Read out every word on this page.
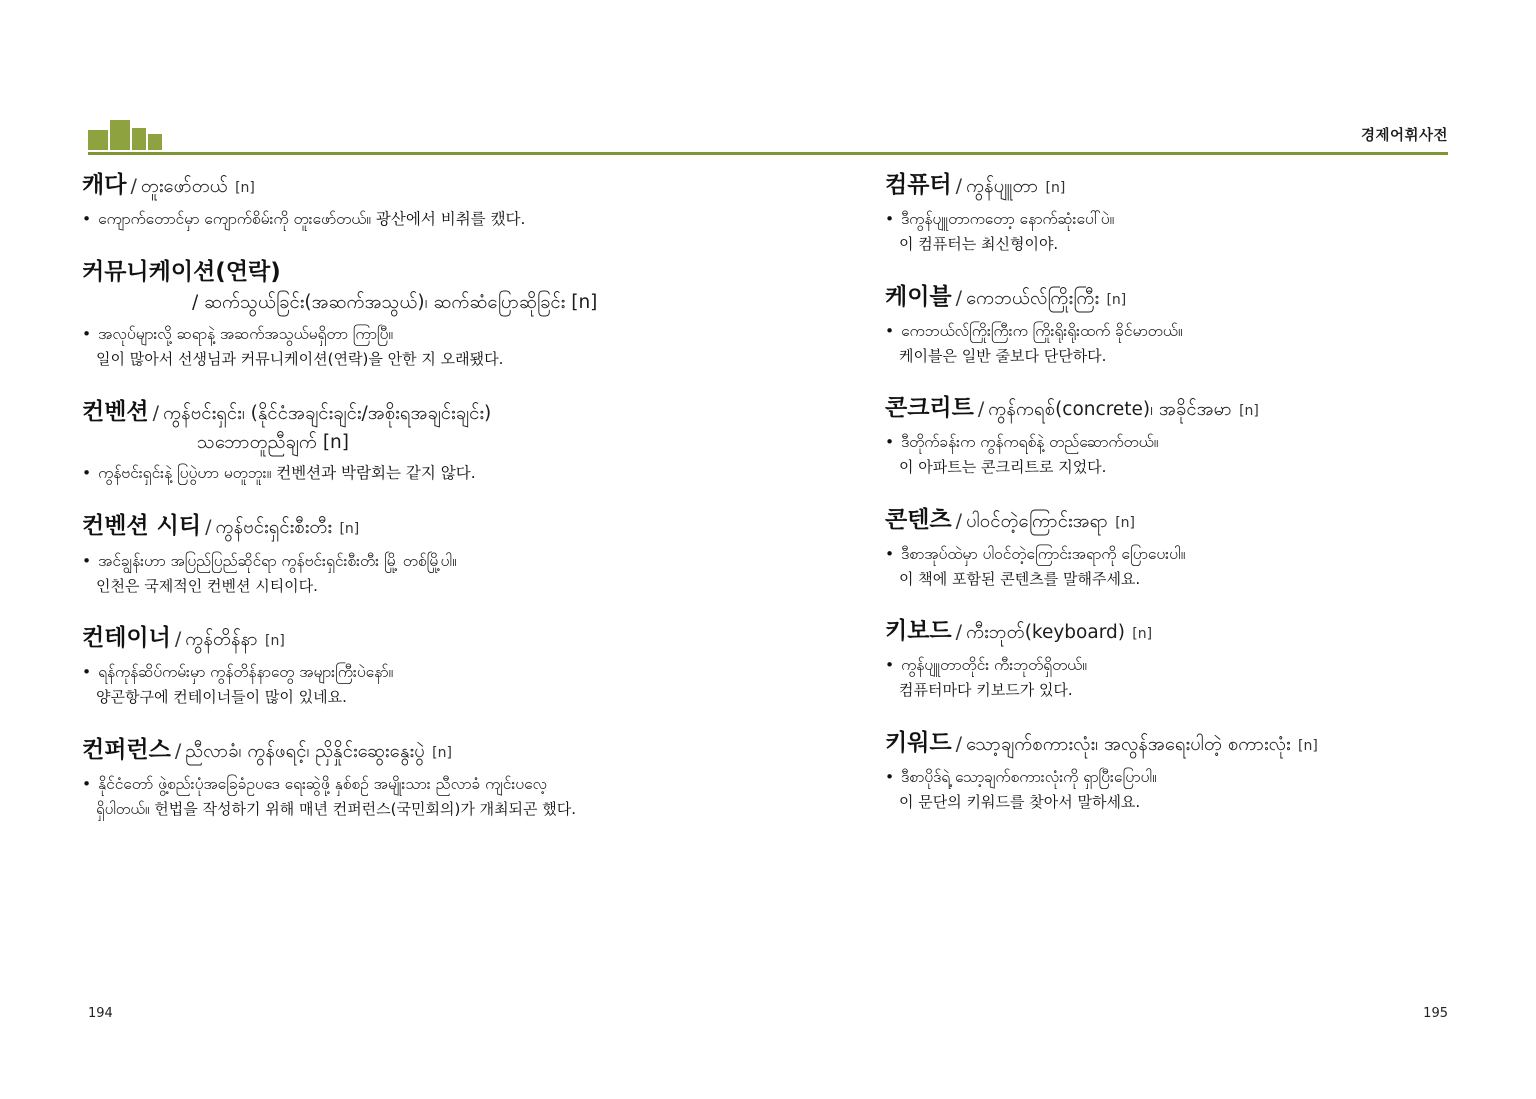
경제어휘사전
캐다 / တူးဖော်တယ် [n]
• ကျောက်တောင်မှာ ကျောက်စိမ်းကို တူးဖော်တယ်။ 광산에서 비취를 캤다.
커뮤니케이션(연락)
/ ဆက်သွယ်ခြင်း(အဆက်အသွယ်)၊ ဆက်ဆံပြောဆိုခြင်း [n]
• အလုပ်များလို့ ဆရာနဲ့ အဆက်အသွယ်မရှိတာ ကြာပြီ။
일이 많아서 선생님과 커뮤니케이션(연락)을 안한 지 오래됐다.
컨벤션 / ကွန်ဗင်းရှင်း၊ (နိုင်ငံအချင်းချင်း/အစိုးရအချင်းချင်း)
သဘောတူညီချက် [n]
• ကွန်ဗင်းရှင်းနဲ့ ပြပွဲဟာ မတူဘူး။ 컨벤션과 박람회는 같지 않다.
컨벤션 시티 / ကွန်ဗင်းရှင်းစီးတီး [n]
• အင်ချွန်းဟာ အပြည်ပြည်ဆိုင်ရာ ကွန်ဗင်းရှင်းစီးတီး မြို့ တစ်မြို့ပါ။
인천은 국제적인 컨벤션 시티이다.
컨테이너 / ကွန်တိန်နာ [n]
• ရန်ကုန်ဆိပ်ကမ်းမှာ ကွန်တိန်နာတွေ အများကြီးပဲနော်။
양곤항구에 컨테이너들이 많이 있네요.
컨퍼런스 / ညီလာခံ၊ ကွန်ဖရင့်၊ ညှိနှိုင်းဆွေးနွေးပွဲ [n]
• နိုင်ငံတော် ဖွဲ့စည်းပုံအခြေခံဥပဒေ ရေးဆွဲဖို့ နှစ်စဉ် အမျိုးသား ညီလာခံ ကျင်းပလေ့
ရှိပါတယ်။ 헌법을 작성하기 위해 매년 컨퍼런스(국민회의)가 개최되곤 했다.
컴퓨터 / ကွန်ပျူတာ [n]
• ဒီကွန်ပျူတာကတော့ နောက်ဆုံးပေါ်ပဲ။
이 컴퓨터는 최신형이야.
케이블 / ကေဘယ်လ်ကြိုးကြီး [n]
• ကေဘယ်လ်ကြိုးကြီးက ကြိုးရိုးရိုးထက် ခိုင်မာတယ်။
케이블은 일반 줄보다 단단하다.
콘크리트 / ကွန်ကရစ်(concrete)၊ အခိုင်အမာ [n]
• ဒီတိုက်ခန်းက ကွန်ကရစ်နဲ့ တည်ဆောက်တယ်။
이 아파트는 콘크리트로 지었다.
콘텐츠 / ပါဝင်တဲ့ကြောင်းအရာ [n]
• ဒီစာအုပ်ထဲမှာ ပါဝင်တဲ့ကြောင်းအရာကို ပြောပေးပါ။
이 책에 포함된 콘텐츠를 말해주세요.
키보드 / ကီးဘုတ်(keyboard) [n]
• ကွန်ပျူတာတိုင်း ကီးဘုတ်ရှိတယ်။
컴퓨터마다 키보드가 있다.
키워드 / သော့ချက်စကားလုံး၊ အလွန်အရေးပါတဲ့ စကားလုံး [n]
• ဒီစာပိုဒ်ရဲ့ သော့ချက်စကားလုံးကို ရှာပြီးပြောပါ။
이 문단의 키워드를 찾아서 말하세요.
194	195
